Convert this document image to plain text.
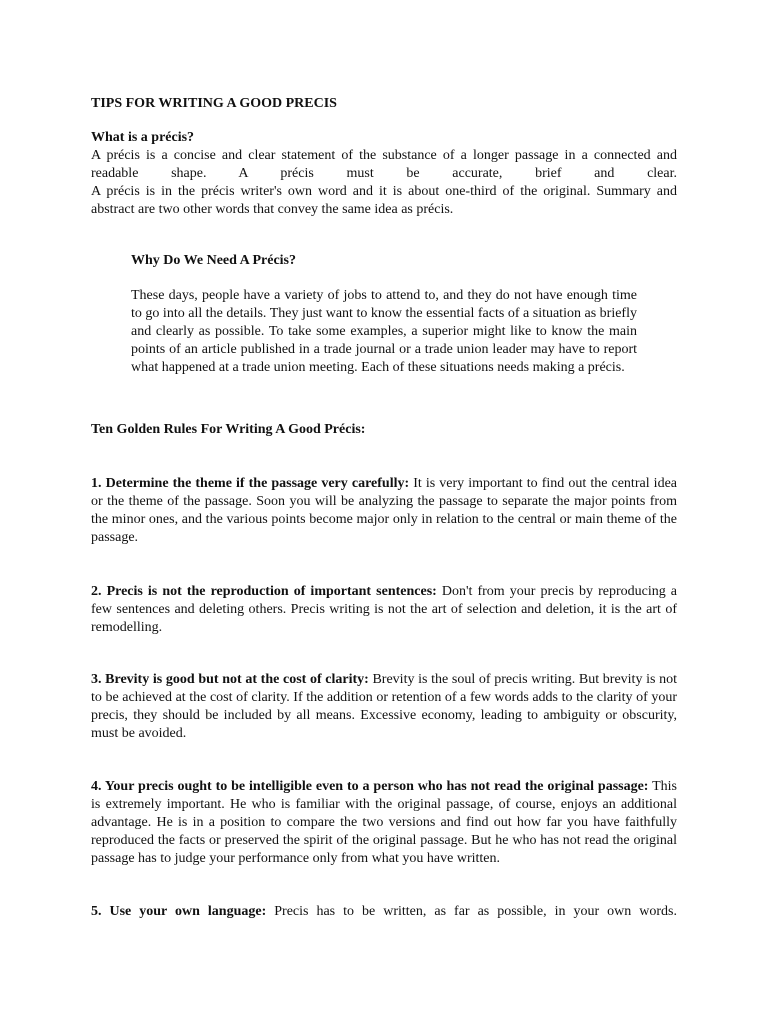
TIPS FOR WRITING A GOOD PRECIS
What is a précis?

A précis is a concise and clear statement of the substance of a longer passage in a connected and readable shape. A précis must be accurate, brief and clear.

A précis is in the précis writer's own word and it is about one-third of the original. Summary and abstract are two other words that convey the same idea as précis.

Why Do We Need A Précis?

These days, people have a variety of jobs to attend to, and they do not have enough time to go into all the details. They just want to know the essential facts of a situation as briefly and clearly as possible. To take some examples, a superior might like to know the main points of an article published in a trade journal or a trade union leader may have to report what happened at a trade union meeting. Each of these situations needs making a précis.

Ten Golden Rules For Writing A Good Précis:

1. Determine the theme if the passage very carefully: It is very important to find out the central idea or the theme of the passage. Soon you will be analyzing the passage to separate the major points from the minor ones, and the various points become major only in relation to the central or main theme of the passage.

2. Precis is not the reproduction of important sentences: Don't from your precis by reproducing a few sentences and deleting others. Precis writing is not the art of selection and deletion, it is the art of remodelling.

3. Brevity is good but not at the cost of clarity: Brevity is the soul of precis writing. But brevity is not to be achieved at the cost of clarity. If the addition or retention of a few words adds to the clarity of your precis, they should be included by all means. Excessive economy, leading to ambiguity or obscurity, must be avoided.

4. Your precis ought to be intelligible even to a person who has not read the original passage: This is extremely important. He who is familiar with the original passage, of course, enjoys an additional advantage. He is in a position to compare the two versions and find out how far you have faithfully reproduced the facts or preserved the spirit of the original passage. But he who has not read the original passage has to judge your performance only from what you have written.

5. Use your own language: Precis has to be written, as far as possible, in your own words.
